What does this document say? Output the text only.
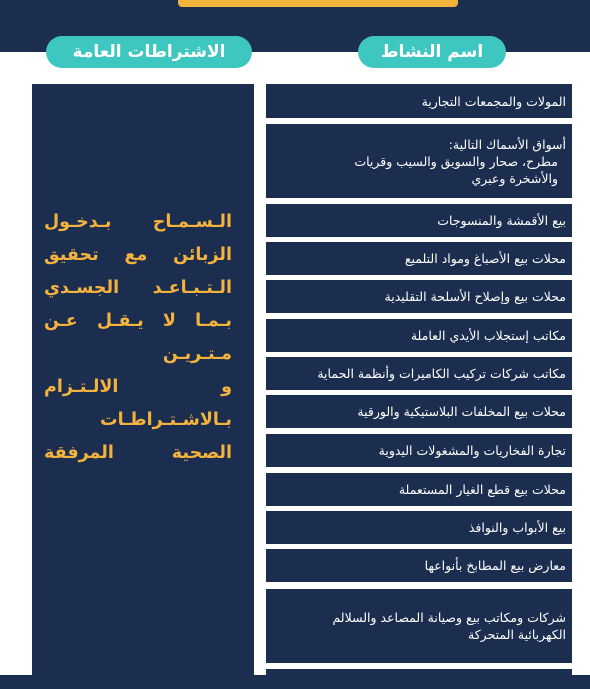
اسم النشاط
الاشتراطات العامة
الـسـمـاح بـدخـول
الزبائن مع تحقيق
الـتـبـاعـد الجسـدي
بـمـا لا يـقـل عـن
مـتـريـن
و الالـتـزام
بـالاشـتـراطـات
الصحية المرفقة
المولات والمجمعات التجارية
أسواق الأسماك التالية:
مطرح، صحار والسويق والسيب وقريات
والأشخرة وعبري
بيع الأقمشة والمنسوجات
محلات بيع الأصباغ ومواد التلميع
محلات بيع وإصلاح الأسلحة التقليدية
مكاتب إستجلاب الأيدي العاملة
مكاتب شركات تركيب الكاميرات وأنظمة الحماية
محلات بيع المخلفات البلاستيكية والورقية
تجارة الفخاريات والمشغولات اليدوية
محلات بيع قطع الغيار المستعملة
بيع الأبواب والنوافذ
معارض بيع المطابخ بأنواعها
شركات ومكاتب بيع وصيانة المصاعد والسلالم
الكهربائية المتحركة
